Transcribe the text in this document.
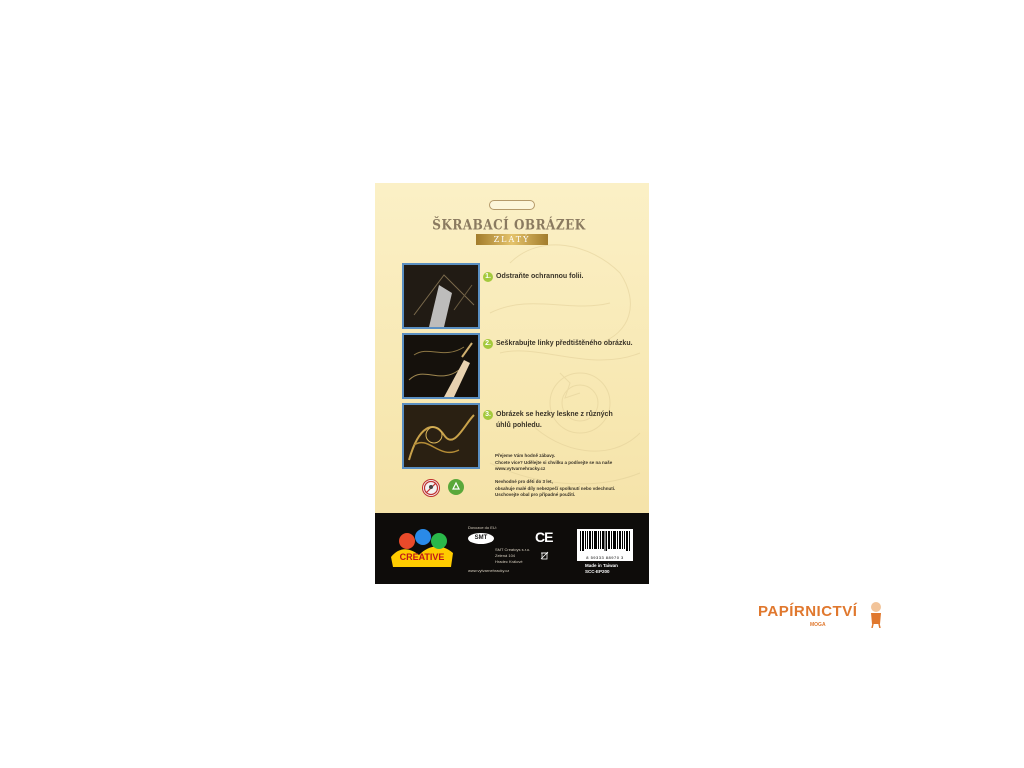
ŠKRABACÍ OBRÁZEK
ZLATÝ
1. Odstraňte ochrannou folii.
2. Seškrabujte linky předtištěného obrázku.
3. Obrázek se hezky leskne z různých úhlů pohledu.
Přejeme Vám hodně zábavy.
Chcete více? Udělejte si chvilku a podívejte se na naše
www.vytvarnehracky.cz
Nevhodné pro děti do 3 let,
obsahuje malé díly nebezpečí spolknutí nebo vdechnutí.
Uschovejte obal pro případné použití.
CREATIVE
Dovozce do EU:
SMT
SMT Creatoys s.r.o.
Zelená 104
Hradec Králové
www.vytvarnehracky.cz
CE
8 59333 88970 3
Made in Taiwan
SCC-EP200
PAPÍRNICTVÍ
MOGA
